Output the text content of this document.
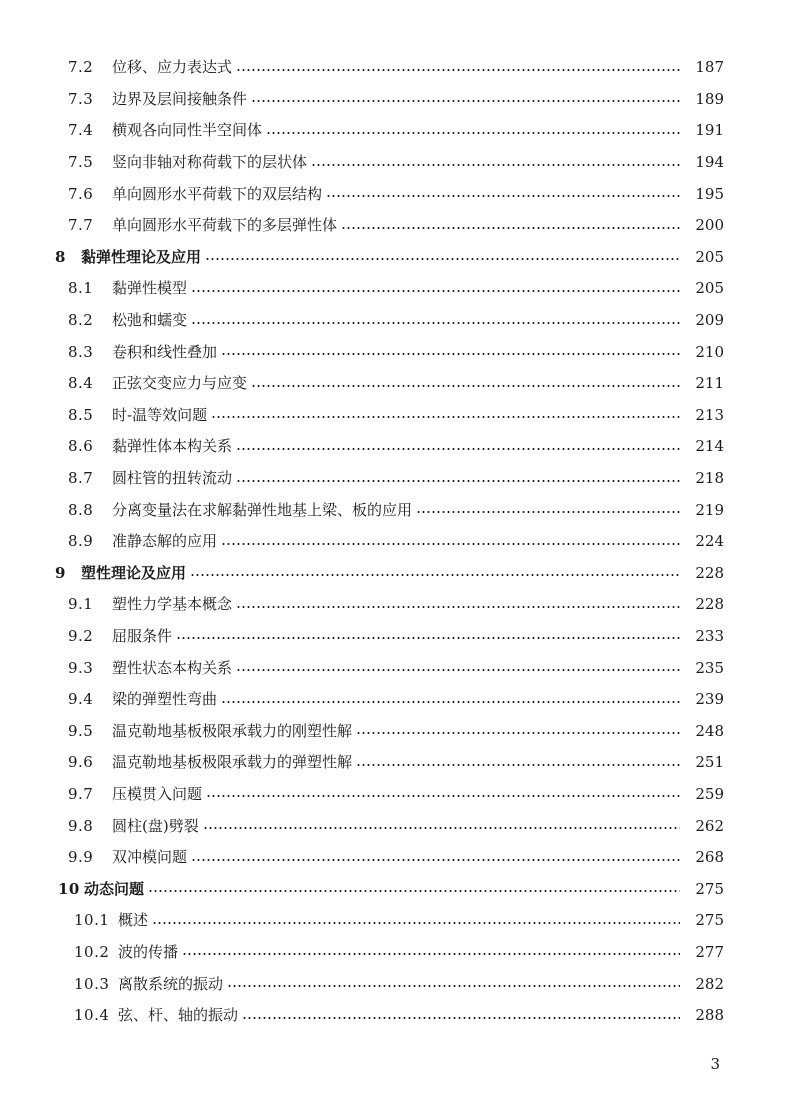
7.2	位移、应力表达式	187
7.3	边界及层间接触条件	189
7.4	横观各向同性半空间体	191
7.5	竖向非轴对称荷载下的层状体	194
7.6	单向圆形水平荷载下的双层结构	195
7.7	单向圆形水平荷载下的多层弹性体	200
8	黏弹性理论及应用	205
8.1	黏弹性模型	205
8.2	松弛和蠕变	209
8.3	卷积和线性叠加	210
8.4	正弦交变应力与应变	211
8.5	时-温等效问题	213
8.6	黏弹性体本构关系	214
8.7	圆柱管的扭转流动	218
8.8	分离变量法在求解黏弹性地基上梁、板的应用	219
8.9	准静态解的应用	224
9	塑性理论及应用	228
9.1	塑性力学基本概念	228
9.2	屈服条件	233
9.3	塑性状态本构关系	235
9.4	梁的弹塑性弯曲	239
9.5	温克勒地基板极限承载力的刚塑性解	248
9.6	温克勒地基板极限承载力的弹塑性解	251
9.7	压模贯入问题	259
9.8	圆柱(盘)劈裂	262
9.9	双冲模问题	268
10 动态问题	275
10.1 概述	275
10.2 波的传播	277
10.3 离散系统的振动	282
10.4 弦、杆、轴的振动	288
3
